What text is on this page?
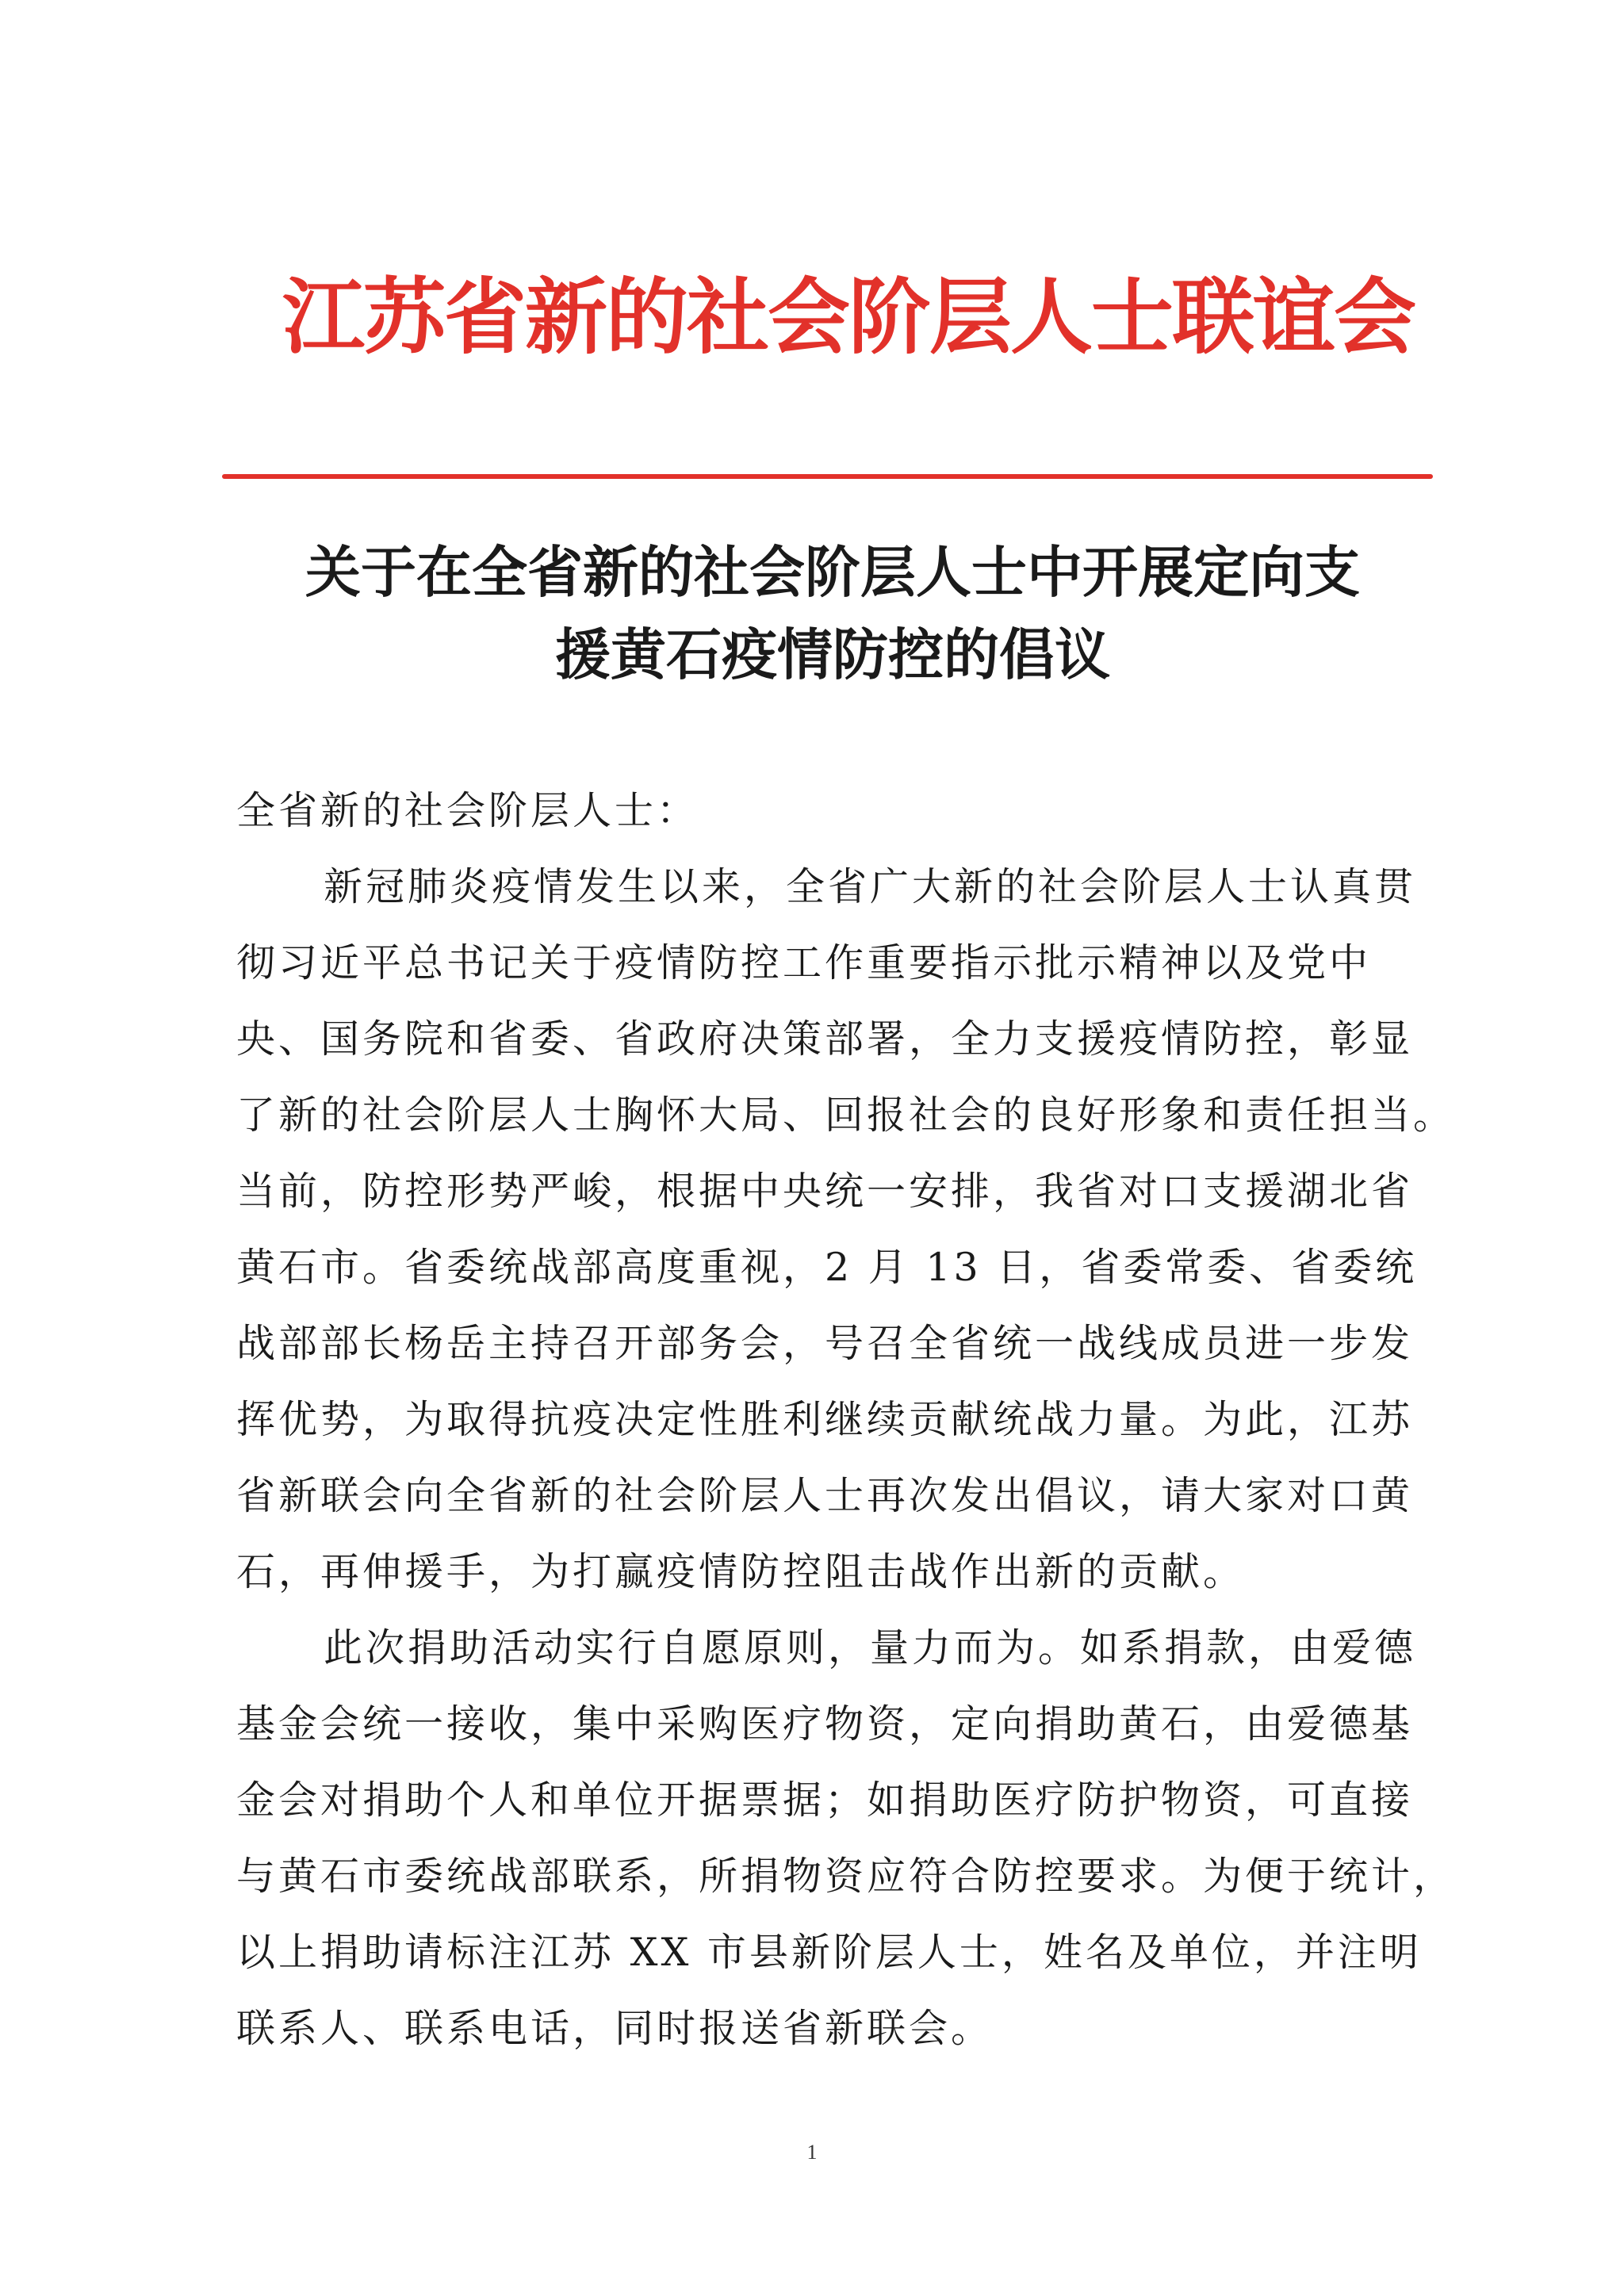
江苏省新的社会阶层人士联谊会
关于在全省新的社会阶层人士中开展定向支
援黄石疫情防控的倡议
全省新的社会阶层人士：
新冠肺炎疫情发生以来，全省广大新的社会阶层人士认真贯
彻习近平总书记关于疫情防控工作重要指示批示精神以及党中
央、国务院和省委、省政府决策部署，全力支援疫情防控，彰显
了新的社会阶层人士胸怀大局、回报社会的良好形象和责任担当。
当前，防控形势严峻，根据中央统一安排，我省对口支援湖北省
黄石市。省委统战部高度重视，2 月 13 日，省委常委、省委统
战部部长杨岳主持召开部务会，号召全省统一战线成员进一步发
挥优势，为取得抗疫决定性胜利继续贡献统战力量。为此，江苏
省新联会向全省新的社会阶层人士再次发出倡议，请大家对口黄
石，再伸援手，为打赢疫情防控阻击战作出新的贡献。
此次捐助活动实行自愿原则，量力而为。如系捐款，由爱德
基金会统一接收，集中采购医疗物资，定向捐助黄石，由爱德基
金会对捐助个人和单位开据票据；如捐助医疗防护物资，可直接
与黄石市委统战部联系，所捐物资应符合防控要求。为便于统计，
以上捐助请标注江苏 XX 市县新阶层人士，姓名及单位，并注明
联系人、联系电话，同时报送省新联会。
1
